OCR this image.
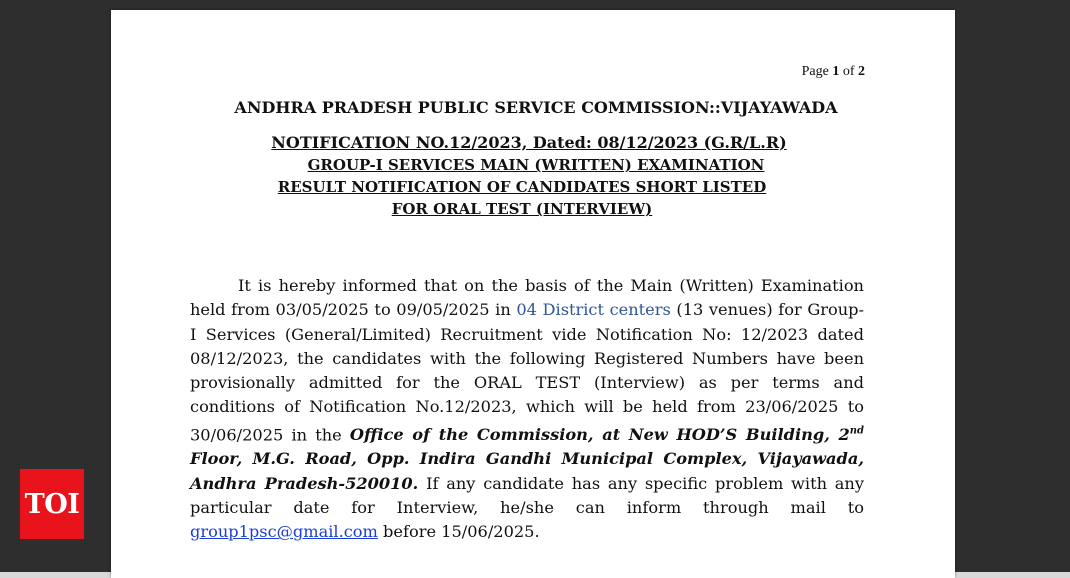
Page 1 of 2
ANDHRA PRADESH PUBLIC SERVICE COMMISSION::VIJAYAWADA
NOTIFICATION NO.12/2023, Dated: 08/12/2023 (G.R/L.R)
GROUP-I SERVICES MAIN (WRITTEN) EXAMINATION
RESULT NOTIFICATION OF CANDIDATES SHORT LISTED
FOR ORAL TEST (INTERVIEW)
It is hereby informed that on the basis of the Main (Written) Examination held from 03/05/2025 to 09/05/2025 in 04 District centers (13 venues) for Group-I Services (General/Limited) Recruitment vide Notification No: 12/2023 dated 08/12/2023, the candidates with the following Registered Numbers have been provisionally admitted for the ORAL TEST (Interview) as per terms and conditions of Notification No.12/2023, which will be held from 23/06/2025 to 30/06/2025 in the Office of the Commission, at New HOD’S Building, 2nd Floor, M.G. Road, Opp. Indira Gandhi Municipal Complex, Vijayawada, Andhra Pradesh-520010. If any candidate has any specific problem with any particular date for Interview, he/she can inform through mail to group1psc@gmail.com before 15/06/2025.
TOI
